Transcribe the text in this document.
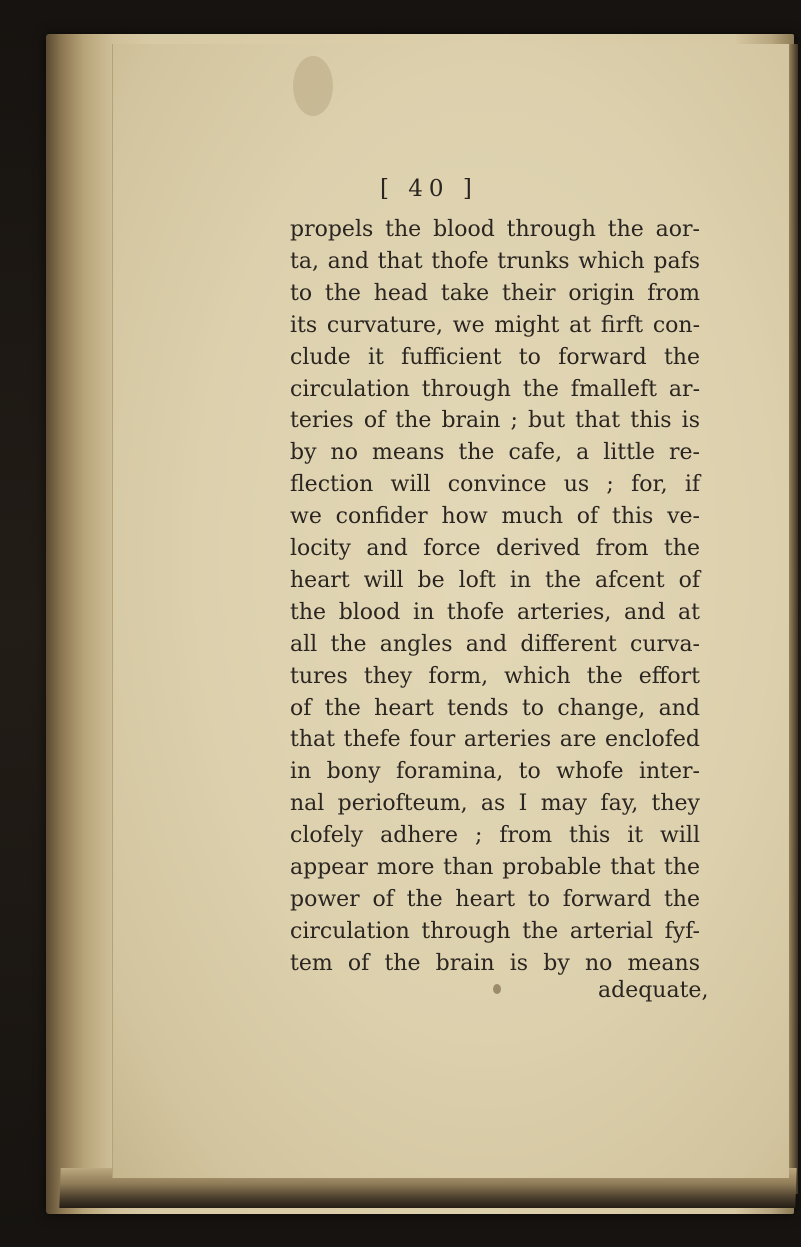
[ 40 ]
propels the blood through the aor-
ta, and that thofe trunks which pafs
to the head take their origin from
its curvature, we might at firft con-
clude it fufficient to forward the
circulation through the fmalleft ar-
teries of the brain ; but that this is
by no means the cafe, a little re-
flection will convince us ; for, if
we confider how much of this ve-
locity and force derived from the
heart will be loft in the afcent of
the blood in thofe arteries, and at
all the angles and different curva-
tures they form, which the effort
of the heart tends to change, and
that thefe four arteries are enclofed
in bony foramina, to whofe inter-
nal periofteum, as I may fay, they
clofely adhere ; from this it will
appear more than probable that the
power of the heart to forward the
circulation through the arterial fyf-
tem of the brain is by no means
adequate,
